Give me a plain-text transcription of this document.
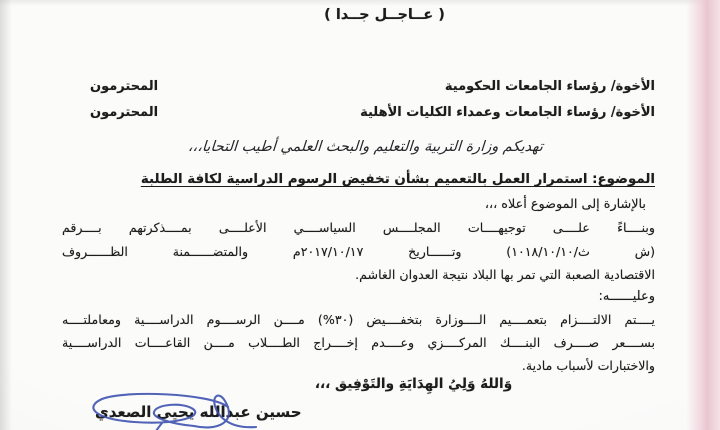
( عــاجــل جــدا )
الأخوة/ رؤساء الجامعات الحكومية
المحترمون
الأخوة/ رؤساء الجامعات وعمداء الكليات الأهلية
المحترمون
تهديكم وزارة التربية والتعليم والبحث العلمي أطيب التحايا،،،
الموضوع: استمرار العمل بالتعميم بشأن تخفيض الرسوم الدراسية لكافة الطلبة
بالإشارة إلى الموضوع أعلاه ،،،
وبنــــاءً علــــى توجيهــــات المجلــــس السياســــي الأعلــــى بمــــذكرتهم بــــرقم
(ش ث/١٠١٨/١٠/١٠) وتــــــاريخ ٢٠١٧/١٠/١٧م والمتضــــــمنة الظــــــروف
الاقتصادية الصعبة التي تمر بها البلاد نتيجة العدوان الغاشم.
وعليــــــه:
يــــتم الالتــــزام بتعمــــيم الــــوزارة بتخفــــيض (٣٠%) مــــن الرســــوم الدراســــية ومعاملتــــه
بســــعر صــــرف البنــــك المركــــزي وعــــدم إخــــراج الطــــلاب مــــن القاعــــات الدراســــية
والاختبارات لأسباب مادية.
وَاللهُ وَلِيُ الهِدَايَةِ والتَوْفِيق ،،،
حسين عبدالله يحيى الصعدي
